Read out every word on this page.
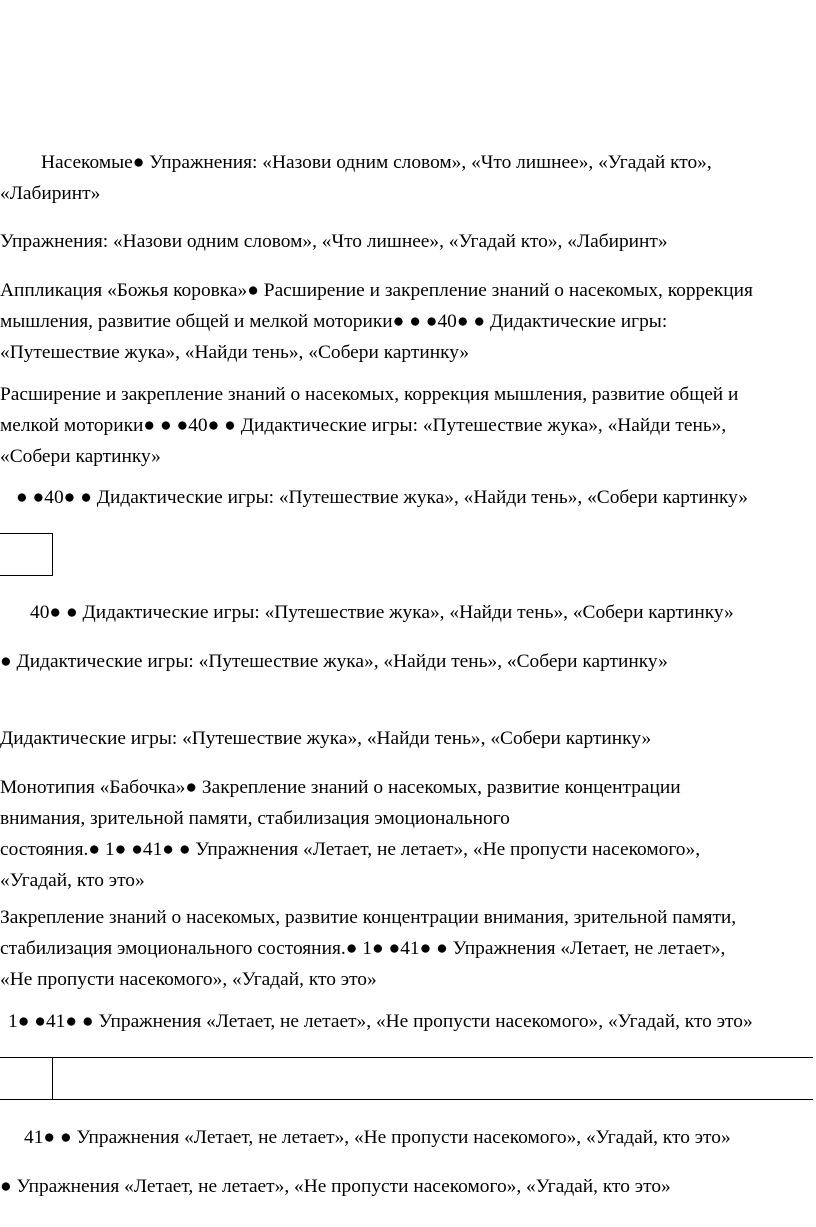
Насекомые● Упражнения: «Назови одним словом», «Что лишнее», «Угадай кто»,
«Лабиринт»
Упражнения: «Назови одним словом», «Что лишнее», «Угадай кто», «Лабиринт»
Аппликация «Божья коровка»● Расширение и закрепление знаний о насекомых, коррекция
мышления, развитие общей и мелкой моторики● ● ●40● ● Дидактические игры:
«Путешествие жука», «Найди тень», «Собери картинку»
Расширение и закрепление знаний о насекомых, коррекция мышления, развитие общей и
мелкой моторики● ● ●40● ● Дидактические игры: «Путешествие жука», «Найди тень»,
«Собери картинку»
● ●40● ● Дидактические игры: «Путешествие жука», «Найди тень», «Собери картинку»
40● ● Дидактические игры: «Путешествие жука», «Найди тень», «Собери картинку»
● Дидактические игры: «Путешествие жука», «Найди тень», «Собери картинку»
Дидактические игры: «Путешествие жука», «Найди тень», «Собери картинку»
Монотипия «Бабочка»● Закрепление знаний о насекомых, развитие концентрации
внимания, зрительной памяти, стабилизация эмоционального
состояния.● 1● ●41● ● Упражнения «Летает, не летает», «Не пропусти насекомого»,
«Угадай, кто это»
Закрепление знаний о насекомых, развитие концентрации внимания, зрительной памяти,
стабилизация эмоционального состояния.● 1● ●41● ● Упражнения «Летает, не летает»,
«Не пропусти насекомого», «Угадай, кто это»
1● ●41● ● Упражнения «Летает, не летает», «Не пропусти насекомого», «Угадай, кто это»
41● ● Упражнения «Летает, не летает», «Не пропусти насекомого», «Угадай, кто это»
● Упражнения «Летает, не летает», «Не пропусти насекомого», «Угадай, кто это»
